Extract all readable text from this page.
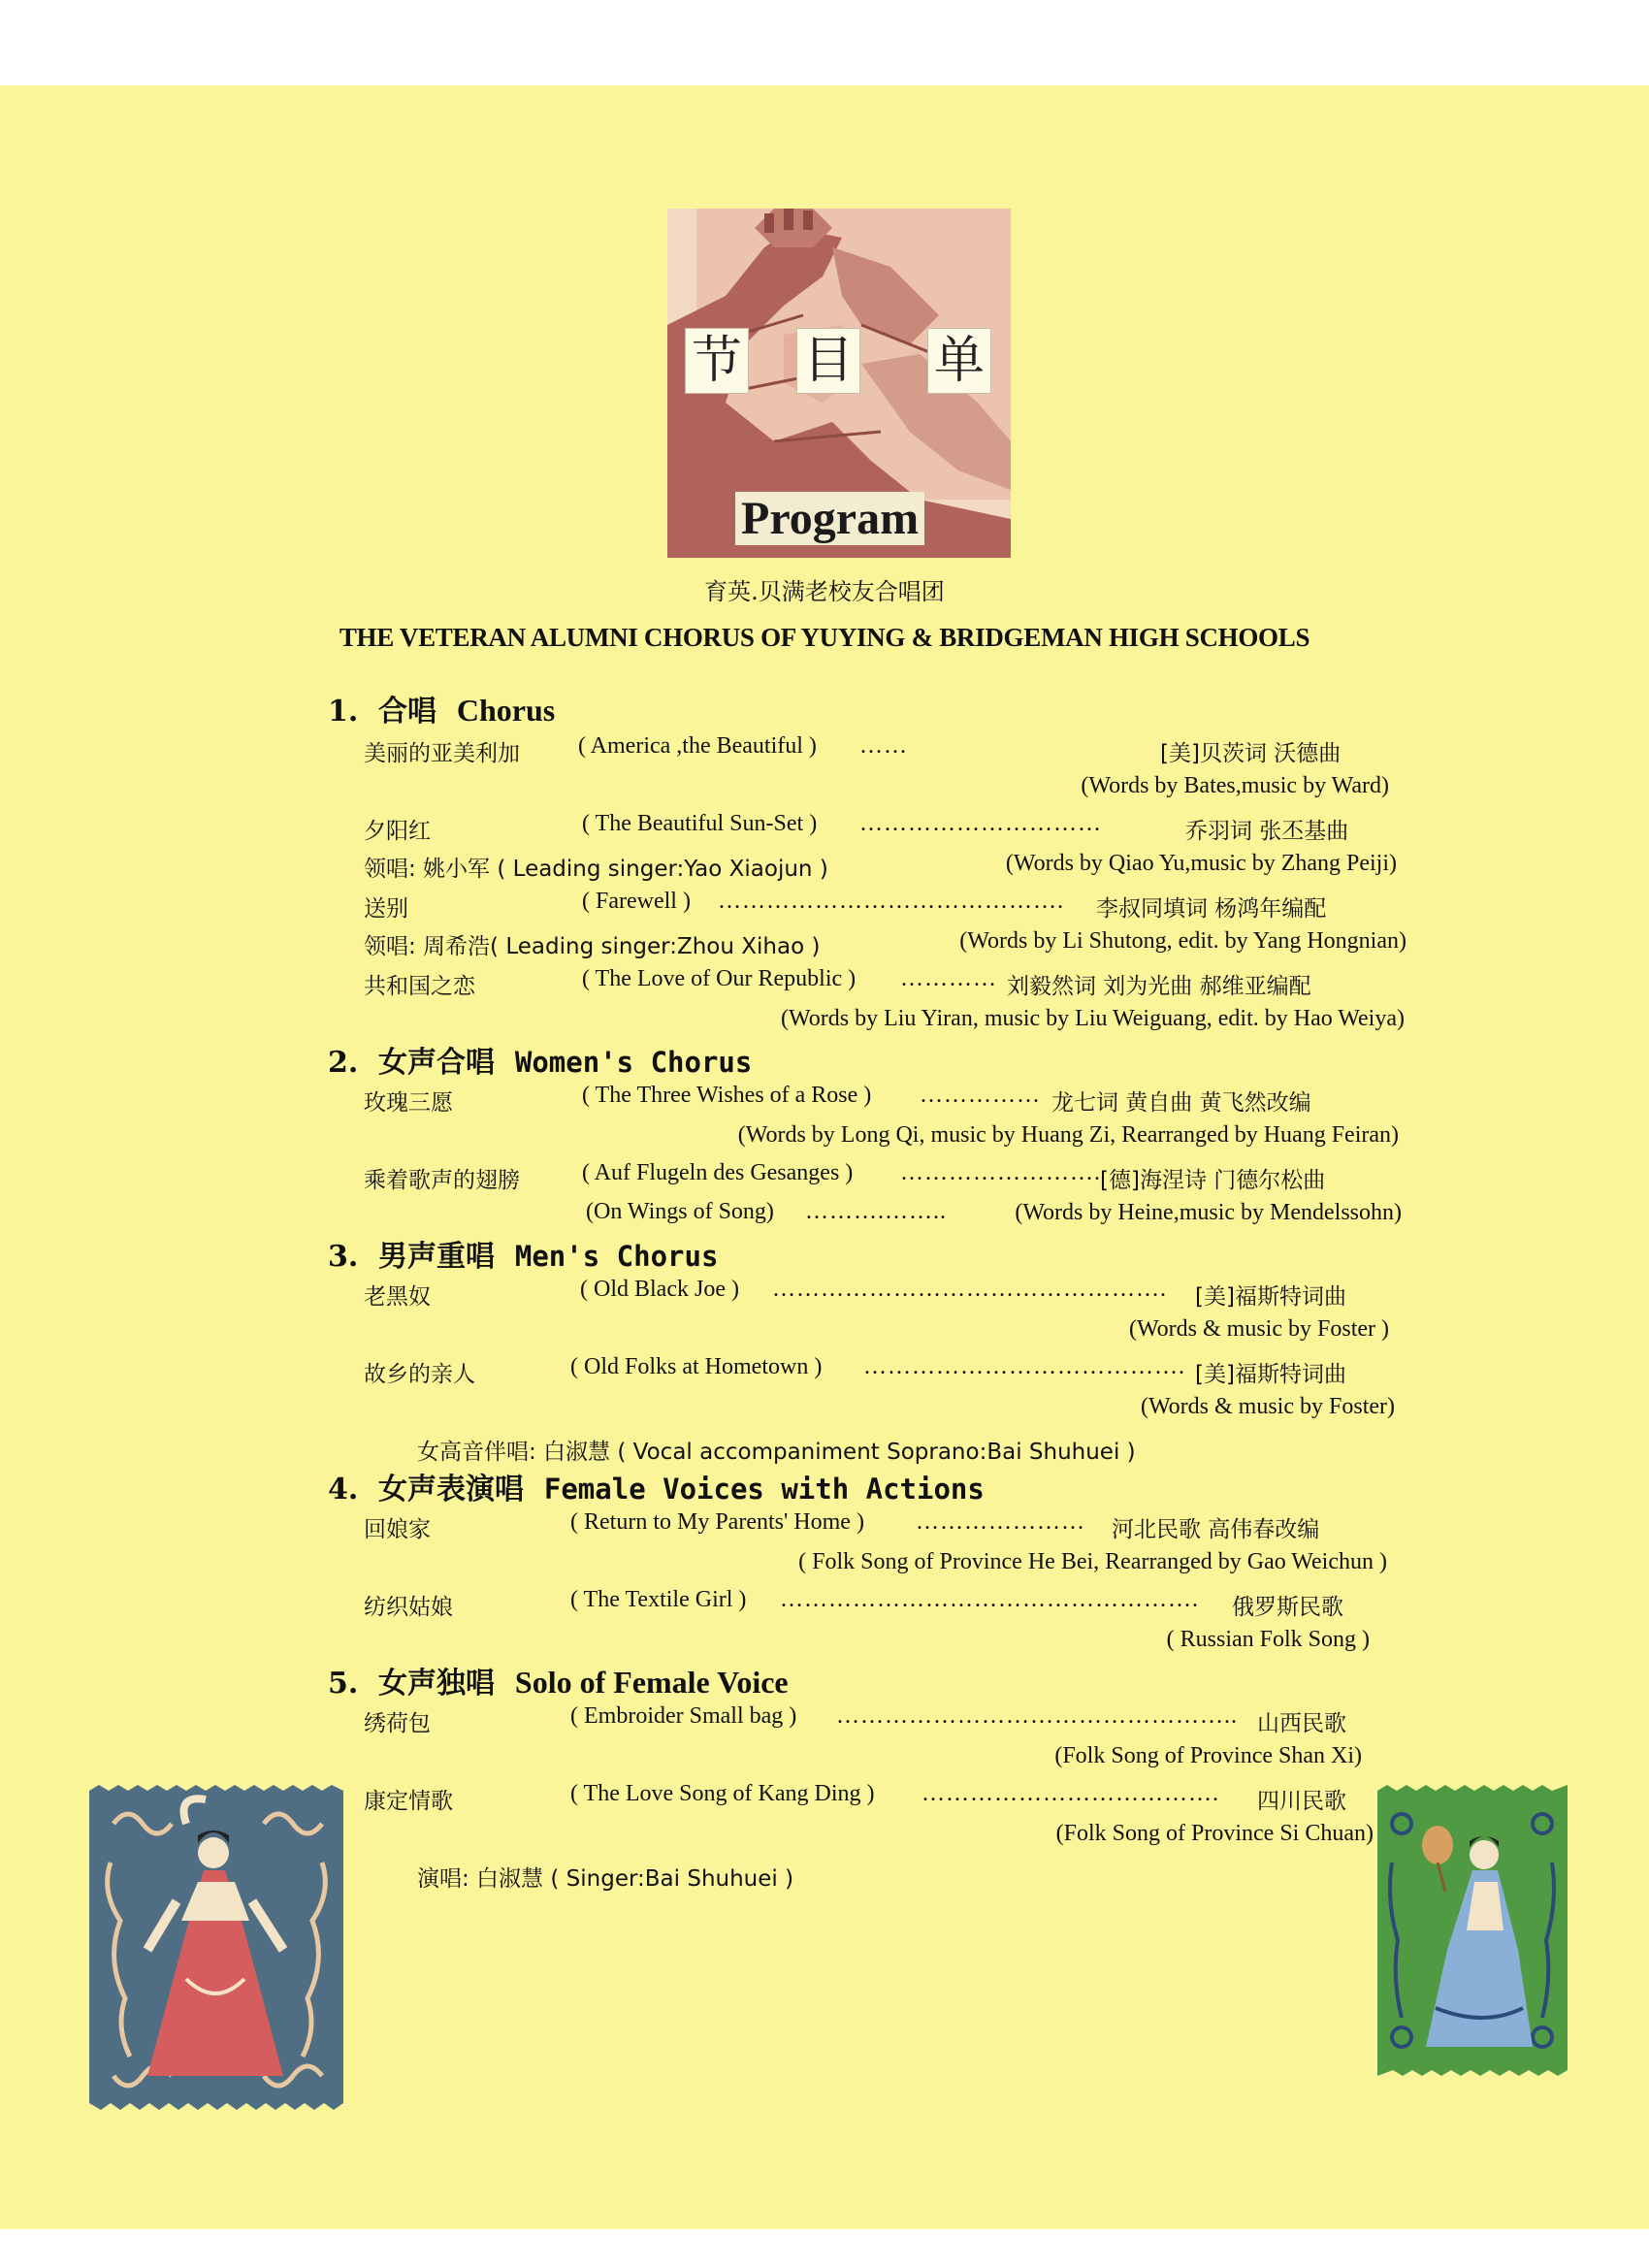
节 目 单
Program
育英.贝满老校友合唱团
THE VETERAN ALUMNI CHORUS OF YUYING & BRIDGEMAN HIGH SCHOOLS
1. 合唱 Chorus
美丽的亚美利加	( America ,the Beautiful ) ……	[美]贝茨词 沃德曲
(Words by Bates,music by Ward)
夕阳红	( The Beautiful Sun-Set ) …………………………	乔羽词 张丕基曲
领唱: 姚小军 ( Leading singer:Yao Xiaojun )	(Words by Qiao Yu,music by Zhang Peiji)
送别	( Farewell ) ……………………………………. 李叔同填词 杨鸿年编配
领唱: 周希浩( Leading singer:Zhou Xihao )	(Words by Li Shutong, edit. by Yang Hongnian)
共和国之恋	( The Love of Our Republic ) ………… 刘毅然词 刘为光曲 郝维亚编配
(Words by Liu Yiran, music by Liu Weiguang, edit. by Hao Weiya)
2. 女声合唱 Women's Chorus
玫瑰三愿	( The Three Wishes of a Rose ) …………… 龙七词 黄自曲 黄飞然改编
(Words by Long Qi, music by Huang Zi, Rearranged by Huang Feiran)
乘着歌声的翅膀	( Auf Flugeln des Gesanges ) ……………………. [德]海涅诗 门德尔松曲
(On Wings of Song) ……….……..	(Words by Heine,music by Mendelssohn)
3. 男声重唱 Men's Chorus
老黑奴	( Old Black Joe ) …………………………………………. [美]福斯特词曲
(Words & music by Foster )
故乡的亲人	( Old Folks at Hometown ) …………………………………. [美]福斯特词曲
(Words & music by Foster)
女高音伴唱: 白淑慧 ( Vocal accompaniment Soprano:Bai Shuhuei )
4. 女声表演唱 Female Voices with Actions
回娘家	( Return to My Parents' Home ) ………………… 河北民歌 高伟春改编
( Folk Song of Province He Bei, Rearranged by Gao Weichun )
纺织姑娘	( The Textile Girl ) ……………………………………………. 俄罗斯民歌
( Russian Folk Song )
5. 女声独唱 Solo of Female Voice
绣荷包	( Embroider Small bag ) ………………………………………….. 山西民歌
(Folk Song of Province Shan Xi)
康定情歌	( The Love Song of Kang Ding ) ………………………………. 四川民歌
(Folk Song of Province Si Chuan)
演唱: 白淑慧 ( Singer:Bai Shuhuei )
